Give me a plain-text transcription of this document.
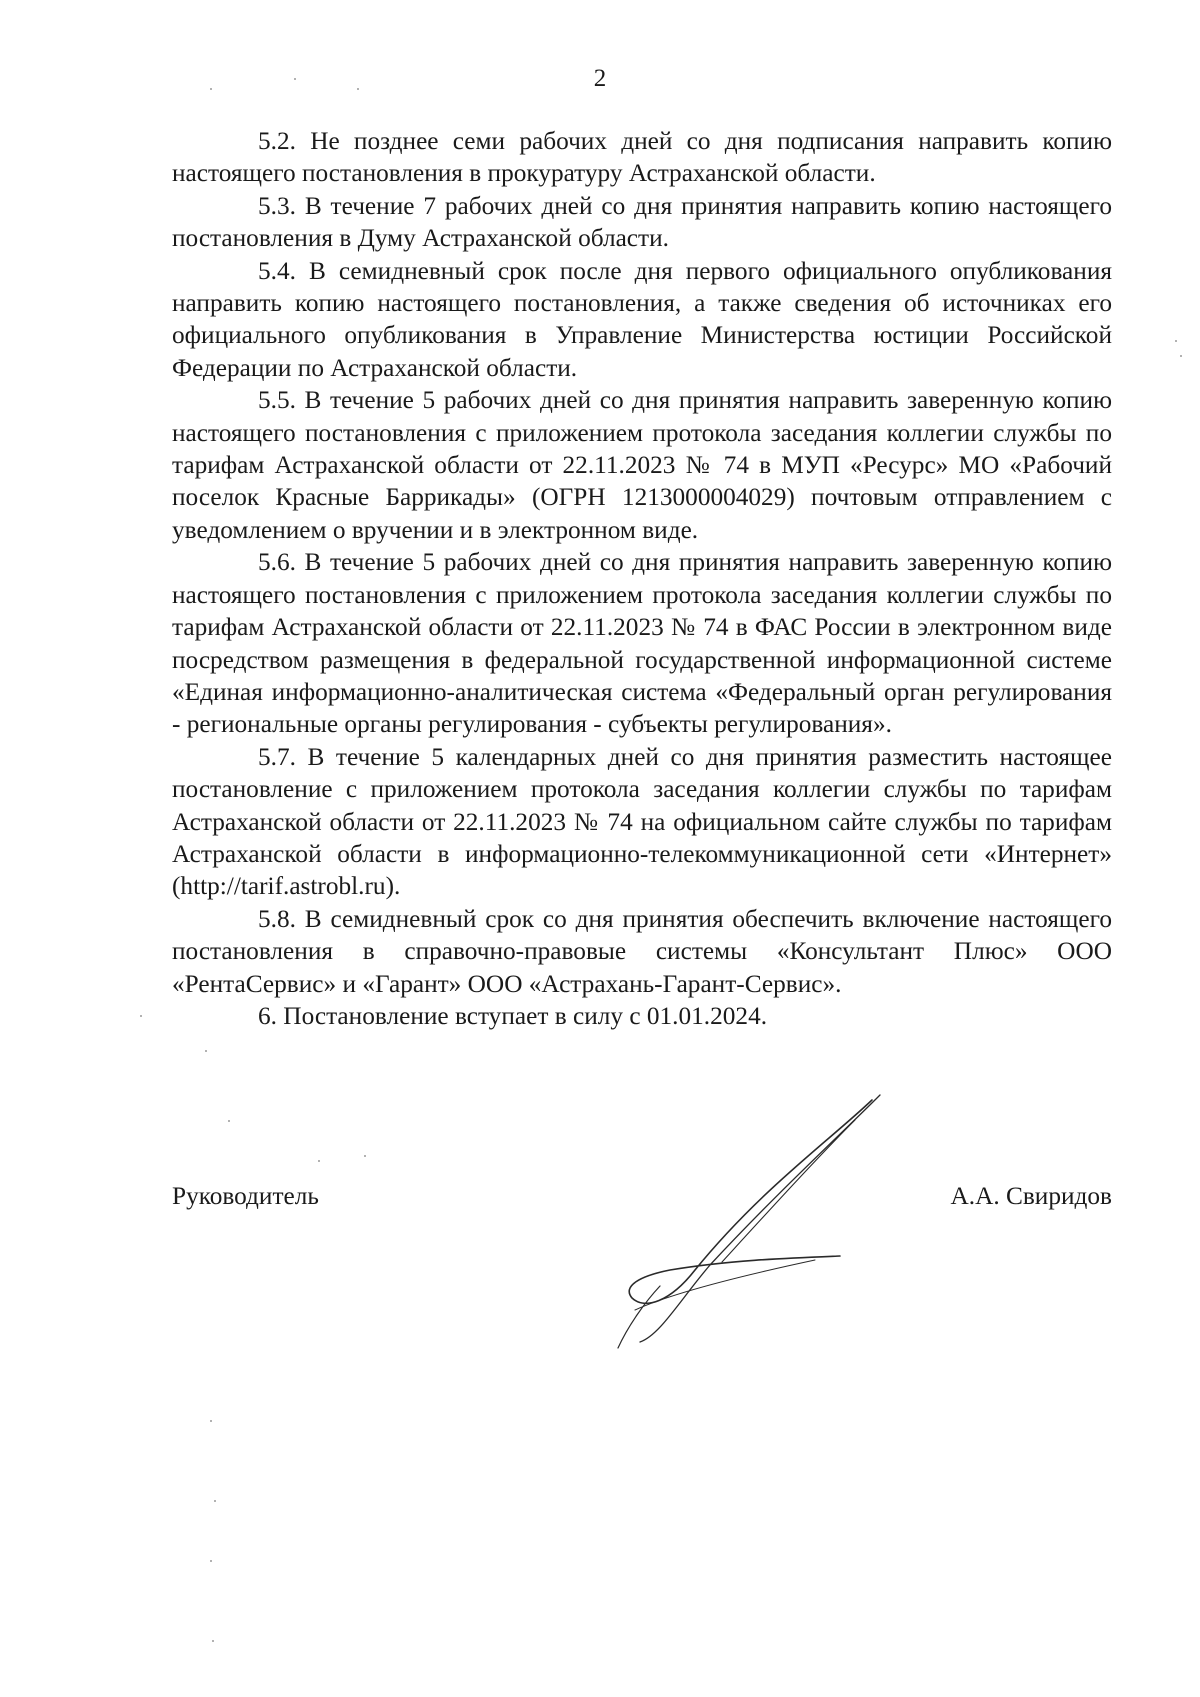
2

5.2. Не позднее семи рабочих дней со дня подписания направить копию настоящего постановления в прокуратуру Астраханской области.

5.3. В течение 7 рабочих дней со дня принятия направить копию настоящего постановления в Думу Астраханской области.

5.4. В семидневный срок после дня первого официального опубликования направить копию настоящего постановления, а также сведения об источниках его официального опубликования в Управление Министерства юстиции Российской Федерации по Астраханской области.

5.5. В течение 5 рабочих дней со дня принятия направить заверенную копию настоящего постановления с приложением протокола заседания коллегии службы по тарифам Астраханской области от 22.11.2023 № 74 в МУП «Ресурс» МО «Рабочий поселок Красные Баррикады» (ОГРН 1213000004029) почтовым отправлением с уведомлением о вручении и в электронном виде.

5.6. В течение 5 рабочих дней со дня принятия направить заверенную копию настоящего постановления с приложением протокола заседания коллегии службы по тарифам Астраханской области от 22.11.2023 № 74 в ФАС России в электронном виде посредством размещения в федеральной государственной информационной системе «Единая информационно-аналитическая система «Федеральный орган регулирования - региональные органы регулирования - субъекты регулирования».

5.7. В течение 5 календарных дней со дня принятия разместить настоящее постановление с приложением протокола заседания коллегии службы по тарифам Астраханской области от 22.11.2023 № 74 на официальном сайте службы по тарифам Астраханской области в информационно-телекоммуникационной сети «Интернет» (http://tarif.astrobl.ru).

5.8. В семидневный срок со дня принятия обеспечить включение настоящего постановления в справочно-правовые системы «Консультант Плюс» ООО «РентаСервис» и «Гарант» ООО «Астрахань-Гарант-Сервис».

6. Постановление вступает в силу с 01.01.2024.

Руководитель	А.А. Свиридов
